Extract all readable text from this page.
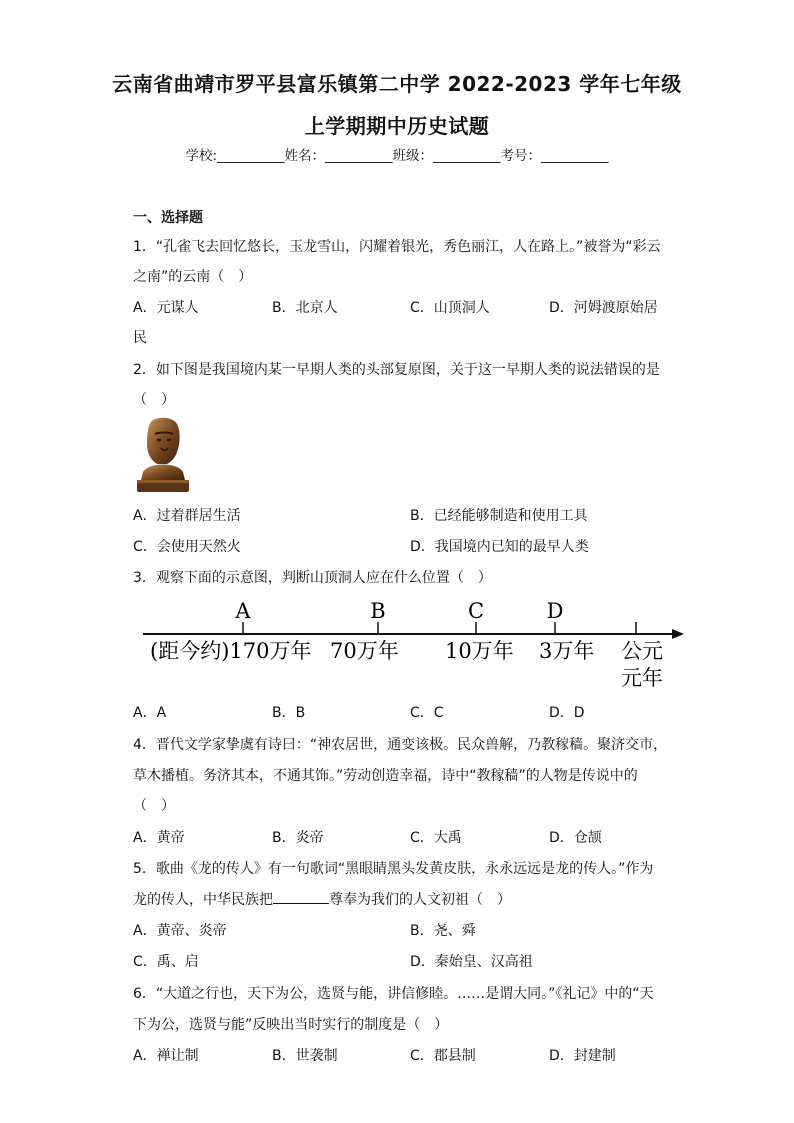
云南省曲靖市罗平县富乐镇第二中学 2022-2023 学年七年级
上学期期中历史试题
学校:__________姓名：__________班级：__________考号：__________
一、选择题
1．“孔雀飞去回忆悠长，玉龙雪山，闪耀着银光，秀色丽江，人在路上。”被誉为“彩云
之南”的云南（　）
A．元谋人	B．北京人	C．山顶洞人	D．河姆渡原始居
民
2．如下图是我国境内某一早期人类的头部复原图，关于这一早期人类的说法错误的是
（　）
A．过着群居生活	B．已经能够制造和使用工具
C．会使用天然火	D．我国境内已知的最早人类
3．观察下面的示意图，判断山顶洞人应在什么位置（　）
A	B	C	D
(距今约)170万年 70万年 10万年 3万年 公元
元年
A．A	B．B	C．C	D．D
4．晋代文学家挚虞有诗曰：“神农居世，通变该极。民众兽解，乃教稼穑。聚济交市，
草木播植。务济其本，不通其饰。”劳动创造幸福，诗中“教稼穑”的人物是传说中的
（　）
A．黄帝	B．炎帝	C．大禹	D．仓颉
5．歌曲《龙的传人》有一句歌词“黑眼睛黑头发黄皮肤，永永远远是龙的传人。”作为
龙的传人，中华民族把	尊奉为我们的人文初祖（　）
A．黄帝、炎帝	B．尧、舜
C．禹、启	D．秦始皇、汉高祖
6．“大道之行也，天下为公，选贤与能，讲信修睦。……是谓大同。”《礼记》中的“天
下为公，选贤与能”反映出当时实行的制度是（　）
A．禅让制	B．世袭制	C．郡县制	D．封建制
